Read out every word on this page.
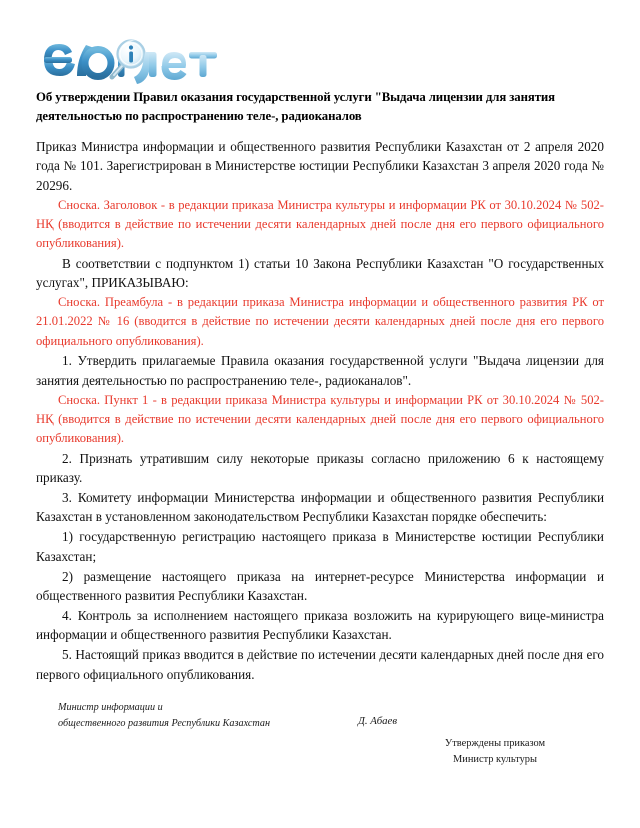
Об утверждении Правил оказания государственной услуги "Выдача лицензии для занятия деятельностью по распространению теле-, радиоканалов

Приказ Министра информации и общественного развития Республики Казахстан от 2 апреля 2020 года № 101. Зарегистрирован в Министерстве юстиции Республики Казахстан 3 апреля 2020 года № 20296.

Сноска. Заголовок - в редакции приказа Министра культуры и информации РК от 30.10.2024 № 502-НҚ (вводится в действие по истечении десяти календарных дней после дня его первого официального опубликования).

В соответствии с подпунктом 1) статьи 10 Закона Республики Казахстан "О государственных услугах", ПРИКАЗЫВАЮ:

Сноска. Преамбула - в редакции приказа Министра информации и общественного развития РК от 21.01.2022 № 16 (вводится в действие по истечении десяти календарных дней после дня его первого официального опубликования).

1. Утвердить прилагаемые Правила оказания государственной услуги "Выдача лицензии для занятия деятельностью по распространению теле-, радиоканалов".

Сноска. Пункт 1 - в редакции приказа Министра культуры и информации РК от 30.10.2024 № 502-НҚ (вводится в действие по истечении десяти календарных дней после дня его первого официального опубликования).

2. Признать утратившим силу некоторые приказы согласно приложению 6 к настоящему приказу.

3. Комитету информации Министерства информации и общественного развития Республики Казахстан в установленном законодательством Республики Казахстан порядке обеспечить:

1) государственную регистрацию настоящего приказа в Министерстве юстиции Республики Казахстан;

2) размещение настоящего приказа на интернет-ресурсе Министерства информации и общественного развития Республики Казахстан.

4. Контроль за исполнением настоящего приказа возложить на курирующего вице-министра информации и общественного развития Республики Казахстан.

5. Настоящий приказ вводится в действие по истечении десяти календарных дней после дня его первого официального опубликования.

Министр информации и
общественного развития Республики Казахстан	Д. Абаев
Утверждены приказом
Министр культуры
